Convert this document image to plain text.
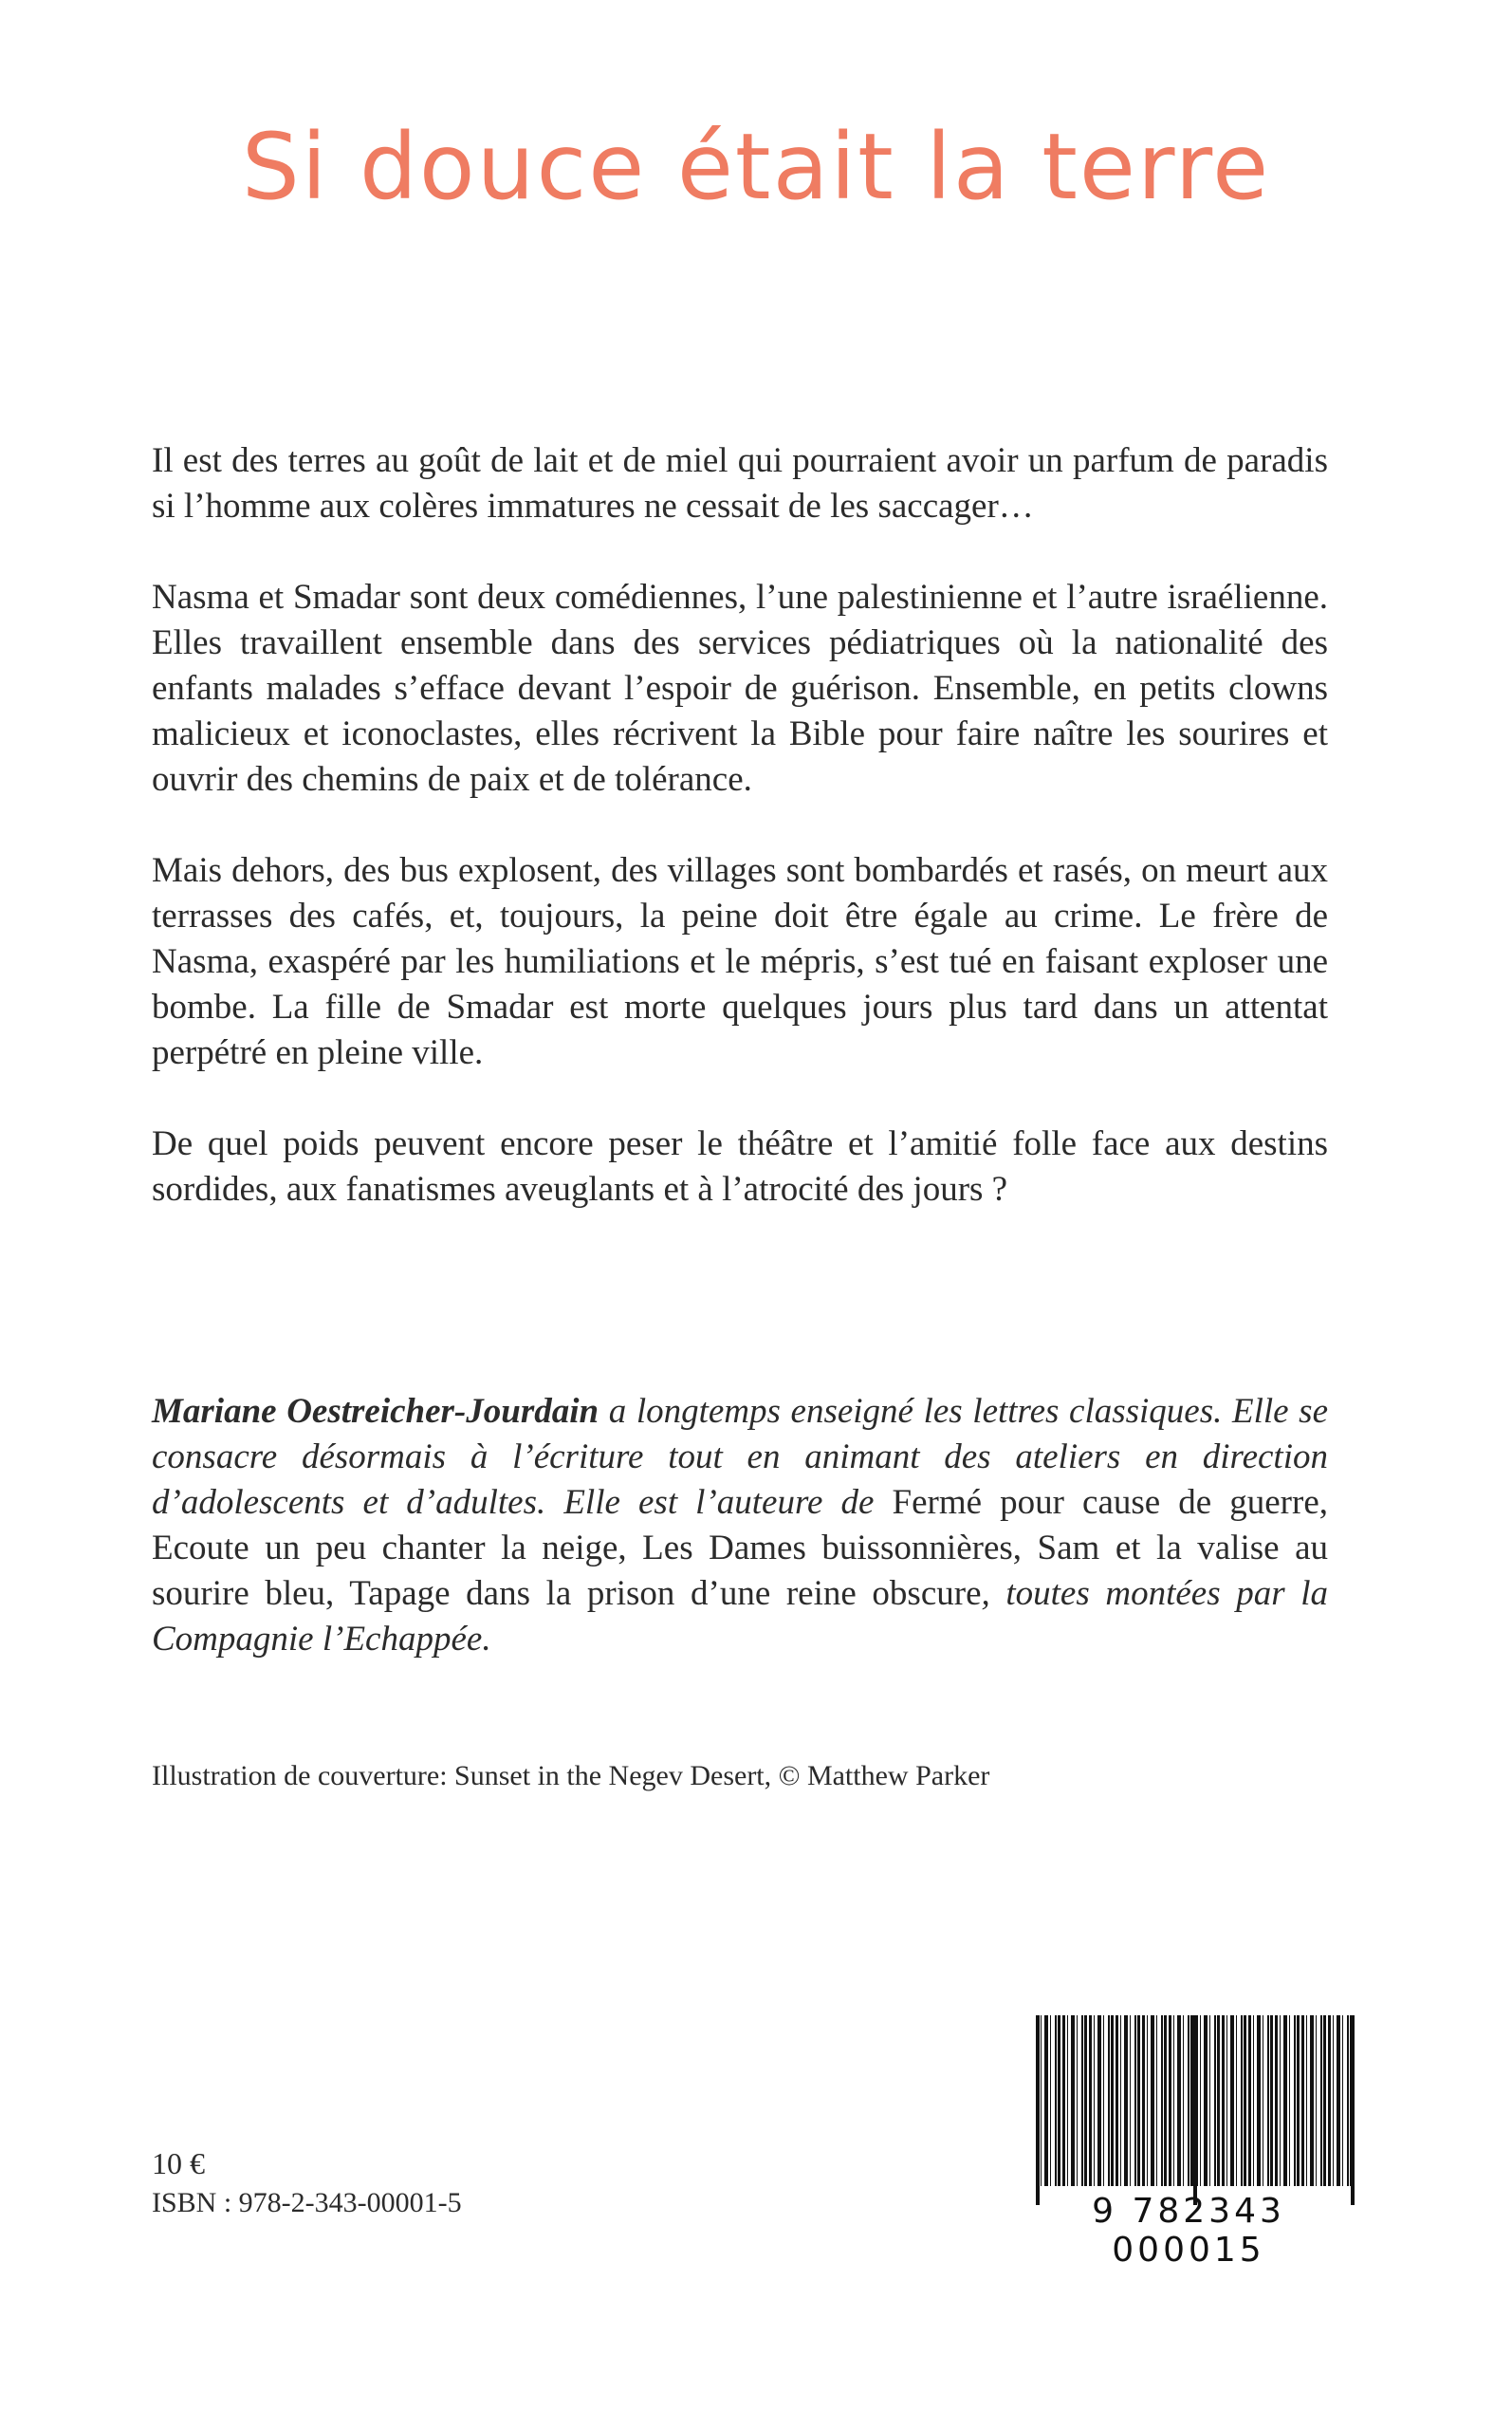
Si douce était la terre

Il est des terres au goût de lait et de miel qui pourraient avoir un parfum de paradis si l’homme aux colères immatures ne cessait de les saccager…

Nasma et Smadar sont deux comédiennes, l’une palestinienne et l’autre israélienne. Elles travaillent ensemble dans des services pédiatriques où la nationalité des enfants malades s’efface devant l’espoir de guérison. Ensemble, en petits clowns malicieux et iconoclastes, elles récrivent la Bible pour faire naître les sourires et ouvrir des chemins de paix et de tolérance.

Mais dehors, des bus explosent, des villages sont bombardés et rasés, on meurt aux terrasses des cafés, et, toujours, la peine doit être égale au crime. Le frère de Nasma, exaspéré par les humiliations et le mépris, s’est tué en faisant exploser une bombe. La fille de Smadar est morte quelques jours plus tard dans un attentat perpétré en pleine ville.

De quel poids peuvent encore peser le théâtre et l’amitié folle face aux destins sordides, aux fanatismes aveuglants et à l’atrocité des jours ?

Mariane Oestreicher-Jourdain a longtemps enseigné les lettres classiques. Elle se consacre désormais à l’écriture tout en animant des ateliers en direction d’adolescents et d’adultes. Elle est l’auteure de Fermé pour cause de guerre, Ecoute un peu chanter la neige, Les Dames buissonnières, Sam et la valise au sourire bleu, Tapage dans la prison d’une reine obscure, toutes montées par la Compagnie l’Echappée.
Illustration de couverture: Sunset in the Negev Desert, © Matthew Parker
10 €
ISBN : 978-2-343-00001-5	9 782343 000015
